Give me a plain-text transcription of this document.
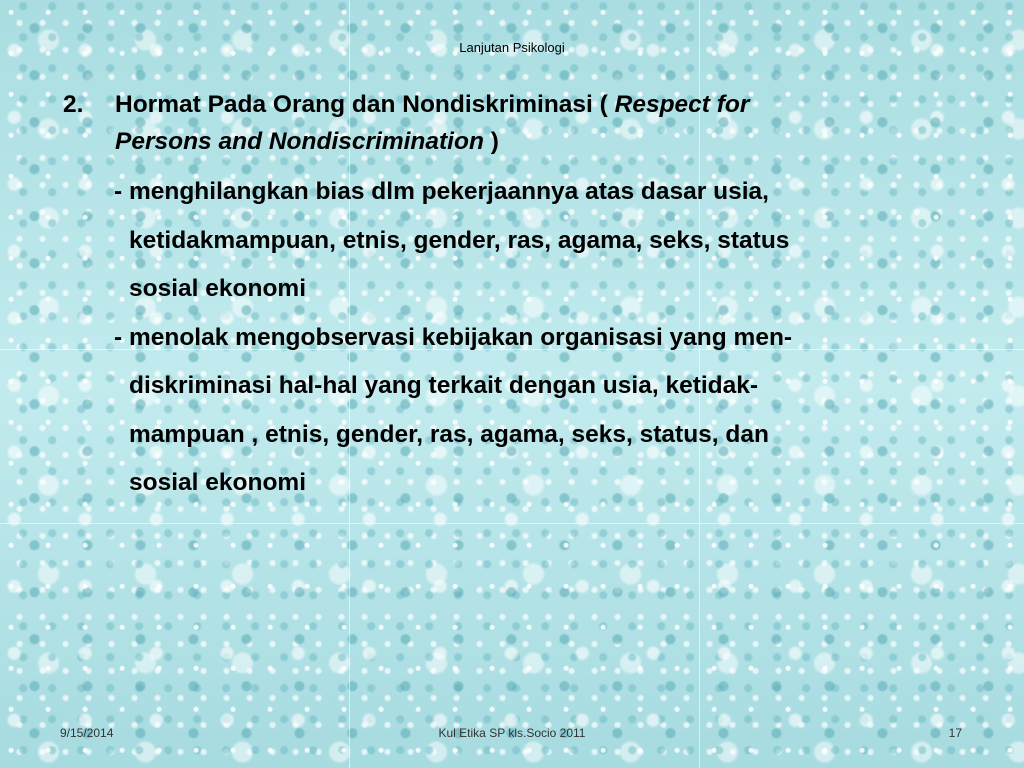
Lanjutan Psikologi
2. Hormat Pada Orang dan Nondiskriminasi ( Respect for
Persons and Nondiscrimination )
- menghilangkan bias dlm pekerjaannya atas dasar usia,
ketidakmampuan, etnis, gender, ras, agama, seks, status
sosial ekonomi
- menolak mengobservasi kebijakan organisasi yang men-
diskriminasi hal-hal yang terkait dengan usia, ketidak-
mampuan , etnis, gender, ras, agama, seks, status, dan
sosial ekonomi
9/15/2014	Kul Etika SP kls.Socio 2011	17
